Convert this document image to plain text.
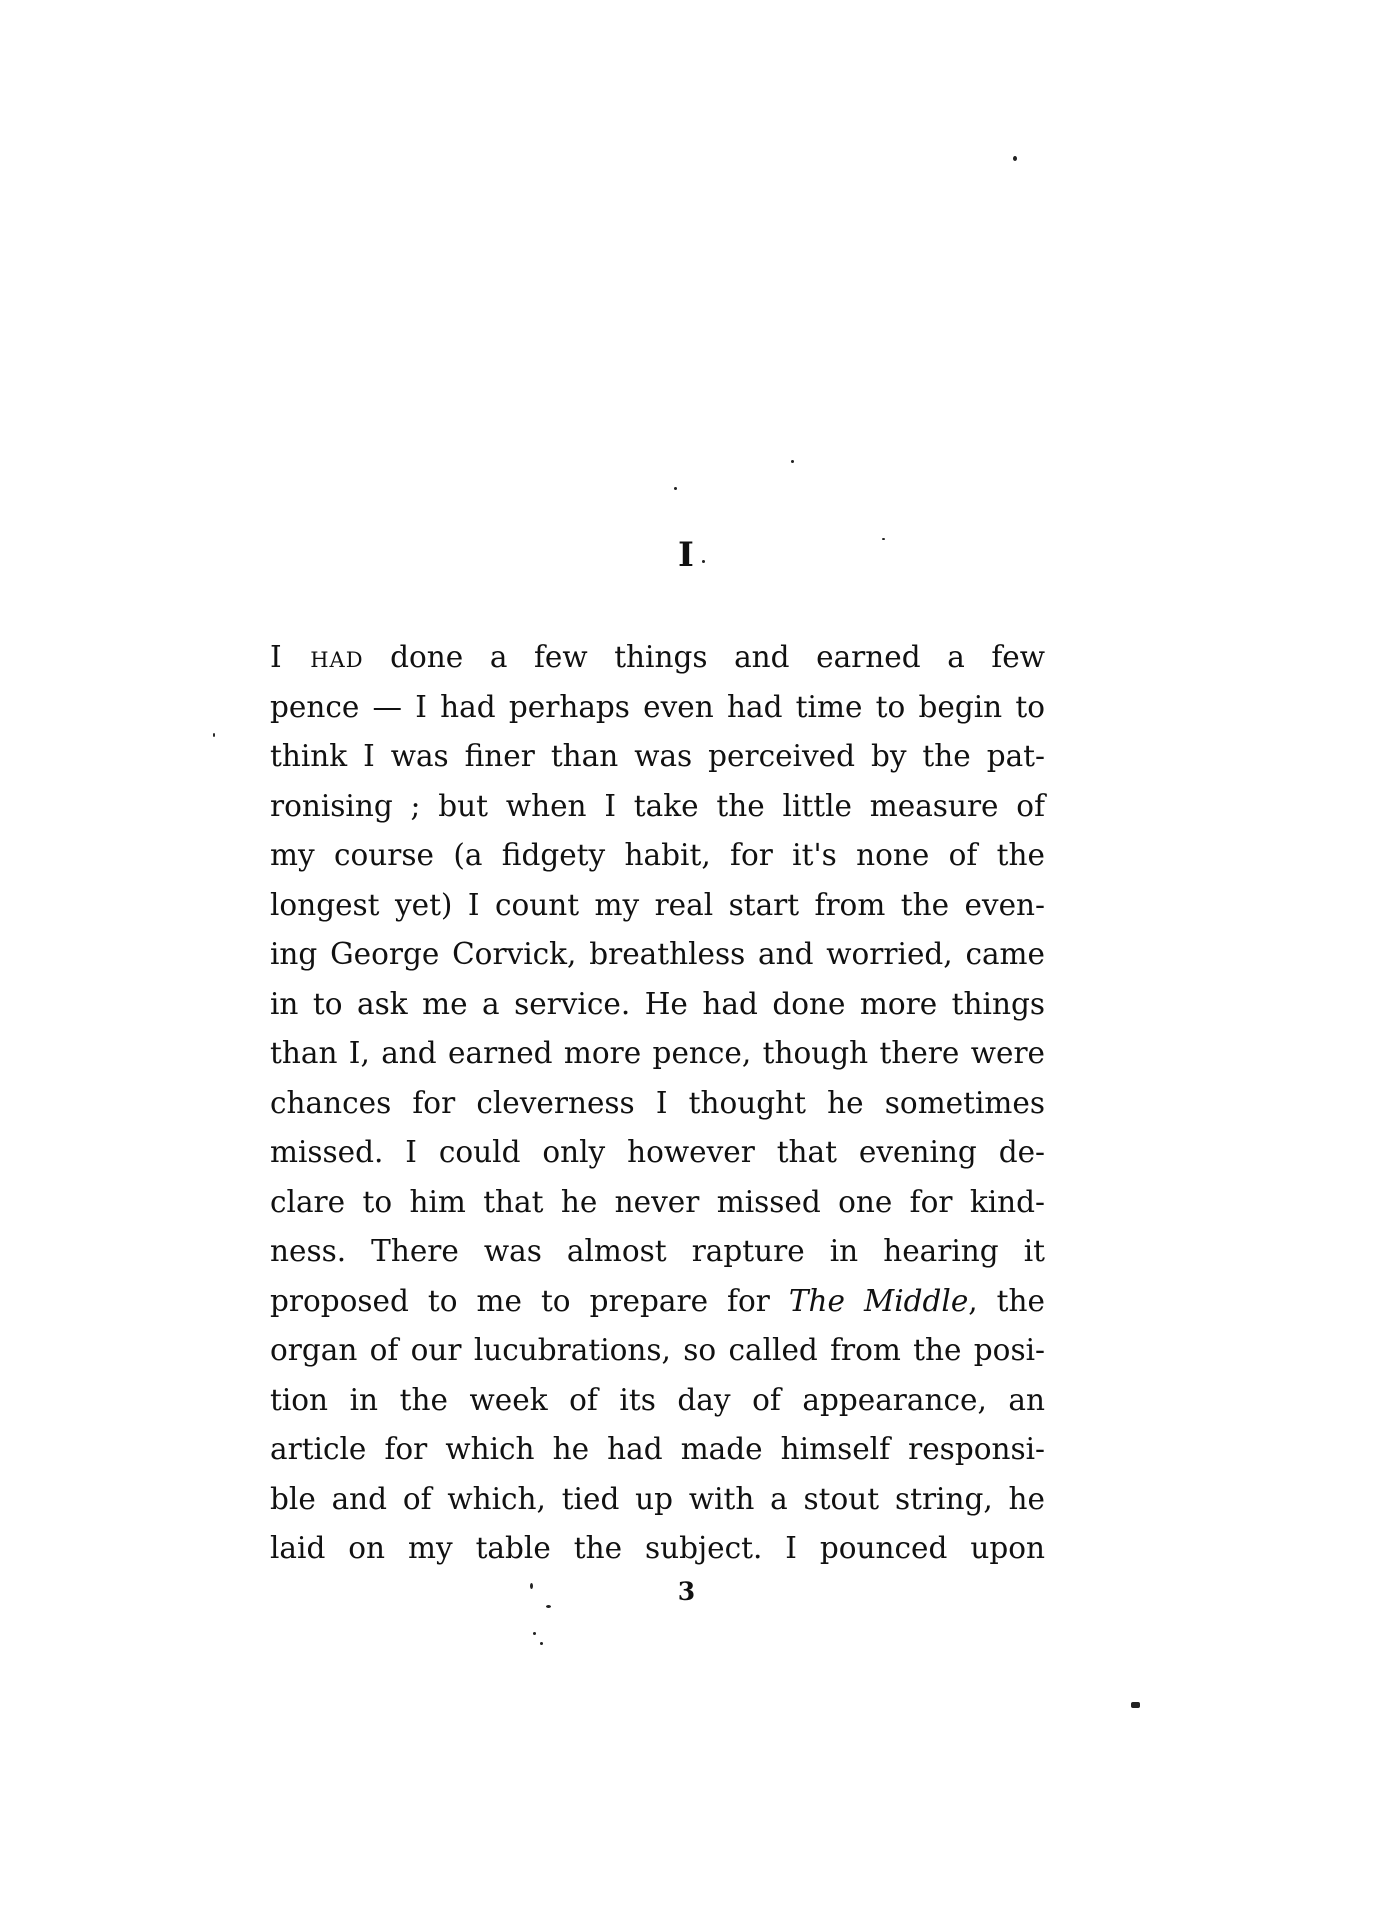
I
I had done a few things and earned a few
pence — I had perhaps even had time to begin to
think I was finer than was perceived by the pat-
ronising ; but when I take the little measure of
my course (a fidgety habit, for it's none of the
longest yet) I count my real start from the even-
ing George Corvick, breathless and worried, came
in to ask me a service. He had done more things
than I, and earned more pence, though there were
chances for cleverness I thought he sometimes
missed. I could only however that evening de-
clare to him that he never missed one for kind-
ness. There was almost rapture in hearing it
proposed to me to prepare for The Middle, the
organ of our lucubrations, so called from the posi-
tion in the week of its day of appearance, an
article for which he had made himself responsi-
ble and of which, tied up with a stout string, he
laid on my table the subject. I pounced upon
3
